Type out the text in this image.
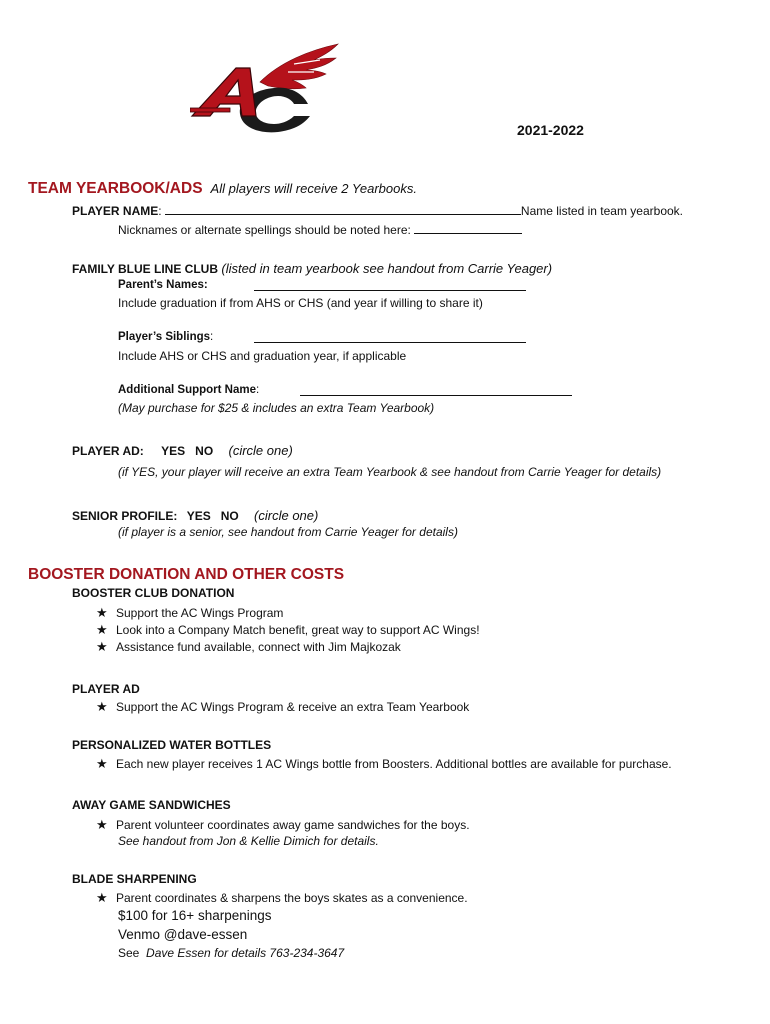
2021-2022
TEAM YEARBOOK/ADS All players will receive 2 Yearbooks.
PLAYER NAME:	Name listed in team yearbook.
Nicknames or alternate spellings should be noted here:
FAMILY BLUE LINE CLUB (listed in team yearbook see handout from Carrie Yeager)
Parent’s Names:
Include graduation if from AHS or CHS (and year if willing to share it)
Player’s Siblings:
Include AHS or CHS and graduation year, if applicable
Additional Support Name:
(May purchase for $25 & includes an extra Team Yearbook)
PLAYER AD: YES   NO (circle one)
(if YES, your player will receive an extra Team Yearbook & see handout from Carrie Yeager for details)
SENIOR PROFILE: YES   NO (circle one)
(if player is a senior, see handout from Carrie Yeager for details)
BOOSTER DONATION AND OTHER COSTS
BOOSTER CLUB DONATION
★ Support the AC Wings Program
★ Look into a Company Match benefit, great way to support AC Wings!
★ Assistance fund available, connect with Jim Majkozak
PLAYER AD
★ Support the AC Wings Program & receive an extra Team Yearbook
PERSONALIZED WATER BOTTLES
★ Each new player receives 1 AC Wings bottle from Boosters. Additional bottles are available for purchase.
AWAY GAME SANDWICHES
★ Parent volunteer coordinates away game sandwiches for the boys.
See handout from Jon & Kellie Dimich for details.
BLADE SHARPENING
★ Parent coordinates & sharpens the boys skates as a convenience.
$100 for 16+ sharpenings
Venmo @dave-essen
See Dave Essen for details 763-234-3647
